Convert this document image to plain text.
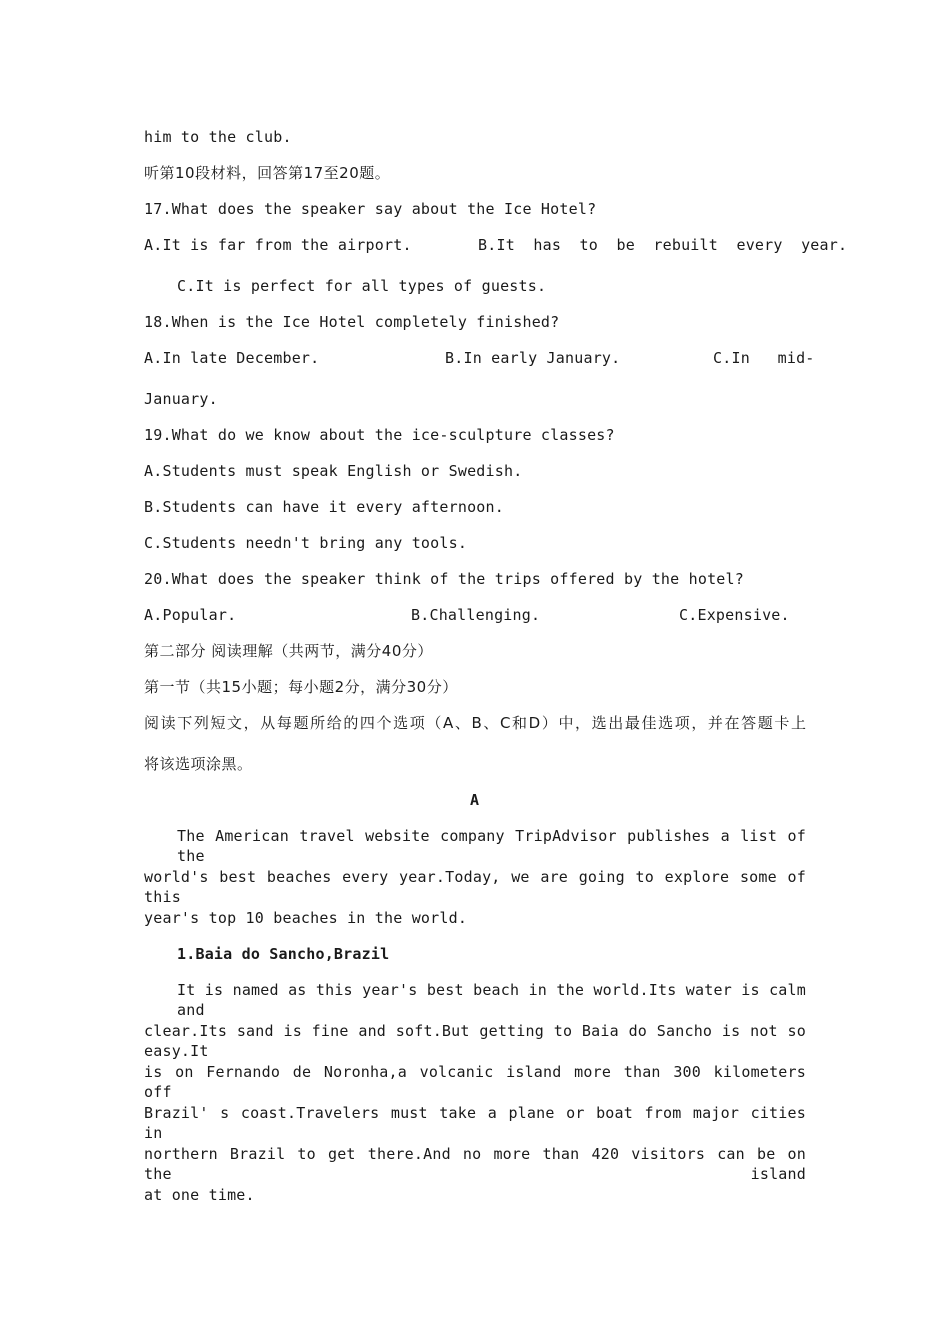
him to the club.
听第10段材料，回答第17至20题。
17.What does the speaker say about the Ice Hotel?
A.It is far from the airport.	B.It  has  to  be  rebuilt  every  year.
C.It is perfect for all types of guests.
18.When is the Ice Hotel completely finished?
A.In late December.	B.In early January.	C.In   mid-
January.
19.What do we know about the ice-sculpture classes?
A.Students must speak English or Swedish.
B.Students can have it every afternoon.
C.Students needn't bring any tools.
20.What does the speaker think of the trips offered by the hotel?
A.Popular.	B.Challenging.	C.Expensive.
第二部分 阅读理解（共两节，满分40分）
第一节（共15小题；每小题2分，满分30分）
阅读下列短文，从每题所给的四个选项（A、B、C和D）中，选出最佳选项，并在答题卡上
将该选项涂黑。
A
The American travel website company TripAdvisor publishes a list of the
world's best beaches every year.Today, we are going to explore some of this
year's top 10 beaches in the world.
1.Baia do Sancho,Brazil
It is named as this year's best beach in the world.Its water is calm and
clear.Its sand is fine and soft.But getting to Baia do Sancho is not so easy.It
is on Fernando de Noronha,a volcanic island more than 300 kilometers off
Brazil' s coast.Travelers must take a plane or boat from major cities in
northern Brazil to get there.And no more than 420 visitors can be on the island
at one time.
